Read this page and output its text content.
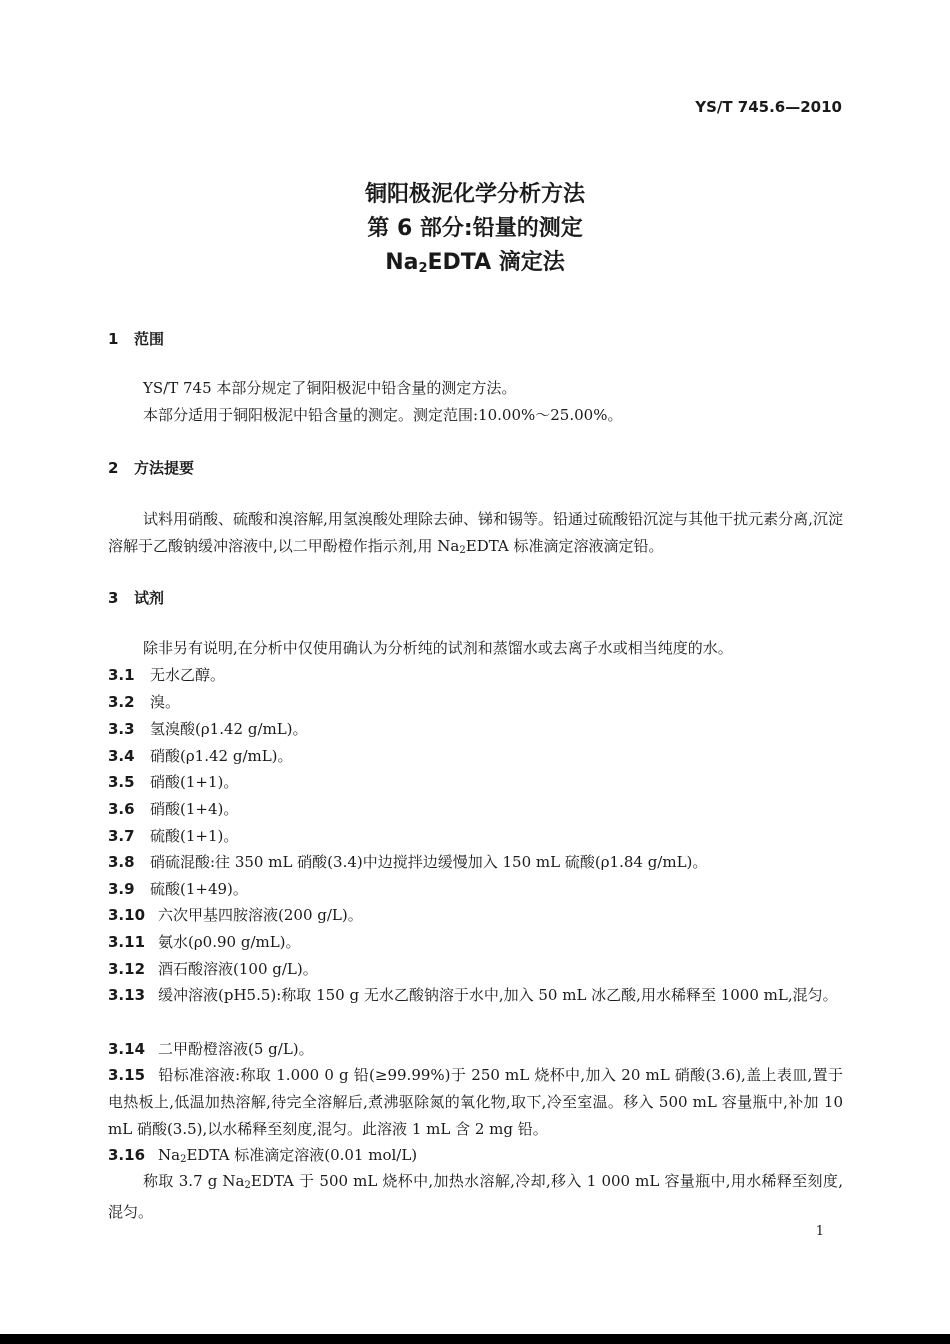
YS/T 745.6—2010
铜阳极泥化学分析方法
第 6 部分:铅量的测定
$Na_2EDTA$ 滴定法
1 范围
YS/T 745 本部分规定了铜阳极泥中铅含量的测定方法。
本部分适用于铜阳极泥中铅含量的测定。测定范围:10.00%～25.00%。
2 方法提要
试料用硝酸、硫酸和溴溶解,用氢溴酸处理除去砷、锑和锡等。铅通过硫酸铅沉淀与其他干扰元素分离,沉淀溶解于乙酸钠缓冲溶液中,以二甲酚橙作指示剂,用 $Na_2EDTA$ 标准滴定溶液滴定铅。
3 试剂
除非另有说明,在分析中仅使用确认为分析纯的试剂和蒸馏水或去离子水或相当纯度的水。
3.1 无水乙醇。
3.2 溴。
3.3 氢溴酸(ρ1.42 g/mL)。
3.4 硝酸(ρ1.42 g/mL)。
3.5 硝酸(1+1)。
3.6 硝酸(1+4)。
3.7 硫酸(1+1)。
3.8 硝硫混酸:往 350 mL 硝酸(3.4)中边搅拌边缓慢加入 150 mL 硫酸(ρ1.84 g/mL)。
3.9 硫酸(1+49)。
3.10 六次甲基四胺溶液(200 g/L)。
3.11 氨水(ρ0.90 g/mL)。
3.12 酒石酸溶液(100 g/L)。
3.13 缓冲溶液(pH5.5):称取 150 g 无水乙酸钠溶于水中,加入 50 mL 冰乙酸,用水稀释至 1000 mL,混匀。
3.14 二甲酚橙溶液(5 g/L)。
3.15 铅标准溶液:称取 1.000 0 g 铅(≥99.99%)于 250 mL 烧杯中,加入 20 mL 硝酸(3.6),盖上表皿,置于电热板上,低温加热溶解,待完全溶解后,煮沸驱除氮的氧化物,取下,冷至室温。移入 500 mL 容量瓶中,补加 10 mL 硝酸(3.5),以水稀释至刻度,混匀。此溶液 1 mL 含 2 mg 铅。
3.16 $Na_2EDTA$ 标准滴定溶液(0.01 mol/L)
称取 3.7 g $Na_2EDTA$ 于 500 mL 烧杯中,加热水溶解,冷却,移入 1 000 mL 容量瓶中,用水稀释至刻度,混匀。
1
